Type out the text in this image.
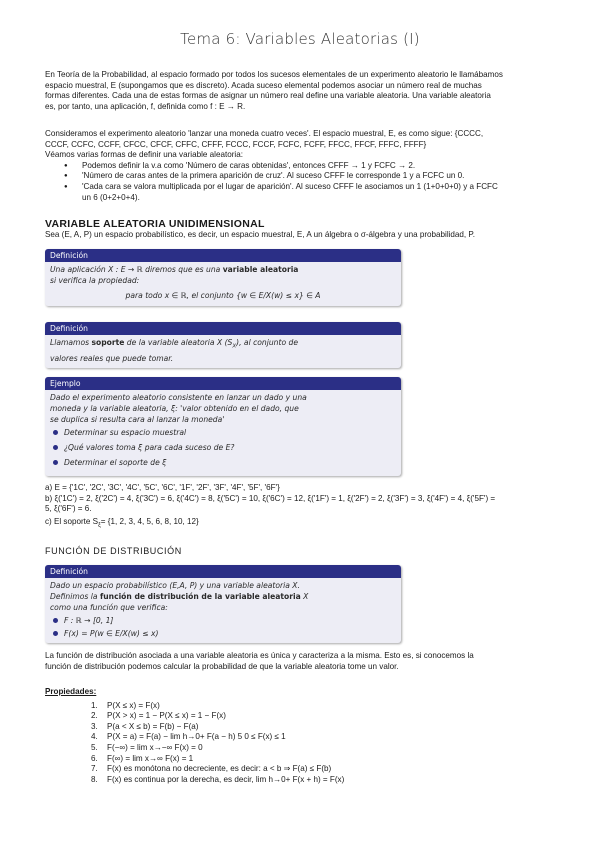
Tema 6: Variables Aleatorias (I)

En Teoría de la Probabilidad, al espacio formado por todos los sucesos elementales de un experimento aleatorio le llamábamos

espacio muestral, E (supongamos que es discreto). Acada suceso elemental podemos asociar un número real de muchas

formas diferentes. Cada una de estas formas de asignar un número real define una variable aleatoria. Una variable aleatoria

es, por tanto, una aplicación, f, definida como f : E → R.

Consideramos el experimento aleatorio 'lanzar una moneda cuatro veces'. El espacio muestral, E, es como sigue: {CCCC,

CCCF, CCFC, CCFF, CFCC, CFCF, CFFC, CFFF, FCCC, FCCF, FCFC, FCFF, FFCC, FFCF, FFFC, FFFF}

Véamos varias formas de definir una variable aleatoria:

● Podemos definir la v.a como 'Número de caras obtenidas', entonces CFFF → 1 y FCFC → 2.
● 'Número de caras antes de la primera aparición de cruz'. Al suceso CFFF le corresponde 1 y a FCFC un 0.
● 'Cada cara se valora multiplicada por el lugar de aparición'. Al suceso CFFF le asociamos un 1 (1+0+0+0) y a FCFC
un 6 (0+2+0+4).
VARIABLE ALEATORIA UNIDIMENSIONAL

Sea (E, A, P) un espacio probabilístico, es decir, un espacio muestral, E, A un álgebra o σ-álgebra y una probabilidad, P.

Definición
Una aplicación X : E → ℝ diremos que es una variable aleatoria
si verifica la propiedad:
para todo x ∈ ℝ, el conjunto {w ∈ E/X(w) ≤ x} ∈ A
Definición
Llamamos soporte de la variable aleatoria X $(S_X)$, al conjunto de
valores reales que puede tomar.
Ejemplo
Dado el experimento aleatorio consistente en lanzar un dado y una
moneda y la variable aleatoria, ξ: 'valor obtenido en el dado, que
se duplica si resulta cara al lanzar la moneda'
Determinar su espacio muestral
¿Qué valores toma ξ para cada suceso de E?
Determinar el soporte de ξ

a) E = {'1C', '2C', '3C', '4C', '5C', '6C', '1F', '2F', '3F', '4F', '5F', '6F'}

b) ξ('1C') = 2, ξ('2C') = 4, ξ('3C') = 6, ξ('4C') = 8, ξ('5C') = 10, ξ('6C') = 12, ξ('1F') = 1, ξ('2F') = 2, ξ('3F') = 3, ξ('4F') = 4, ξ('5F') =

5, ξ('6F') = 6.

c) El soporte $S_\xi= \{1$, 2, 3, 4, 5, 6, 8, 10, 12}

FUNCIÓN DE DISTRIBUCIÓN
Definición
Dado un espacio probabilístico (E,A, P) y una variable aleatoria X.
Definimos la función de distribución de la variable aleatoria X
como una función que verifica:
F : ℝ → [0, 1]
F(x) = P(w ∈ E/X(w) ≤ x)

La función de distribución asociada a una variable aleatoria es única y caracteriza a la misma. Esto es, si conocemos la

función de distribución podemos calcular la probabilidad de que la variable aleatoria tome un valor.

Propiedades:

1. P(X ≤ x) = F(x)
2. P(X > x) = 1 − P(X ≤ x) = 1 − F(x)
3. P(a < X ≤ b) = F(b) − F(a)
4. P(X = a) = F(a) − lim h→0+ F(a − h) 5 0 ≤ F(x) ≤ 1
5. F(−∞) = lim x→−∞ F(x) = 0
6. F(∞) = lim x→∞ F(x) = 1
7. F(x) es monótona no decreciente, es decir: a < b ⇒ F(a) ≤ F(b)
8. F(x) es continua por la derecha, es decir, lim h→0+ F(x + h) = F(x)
